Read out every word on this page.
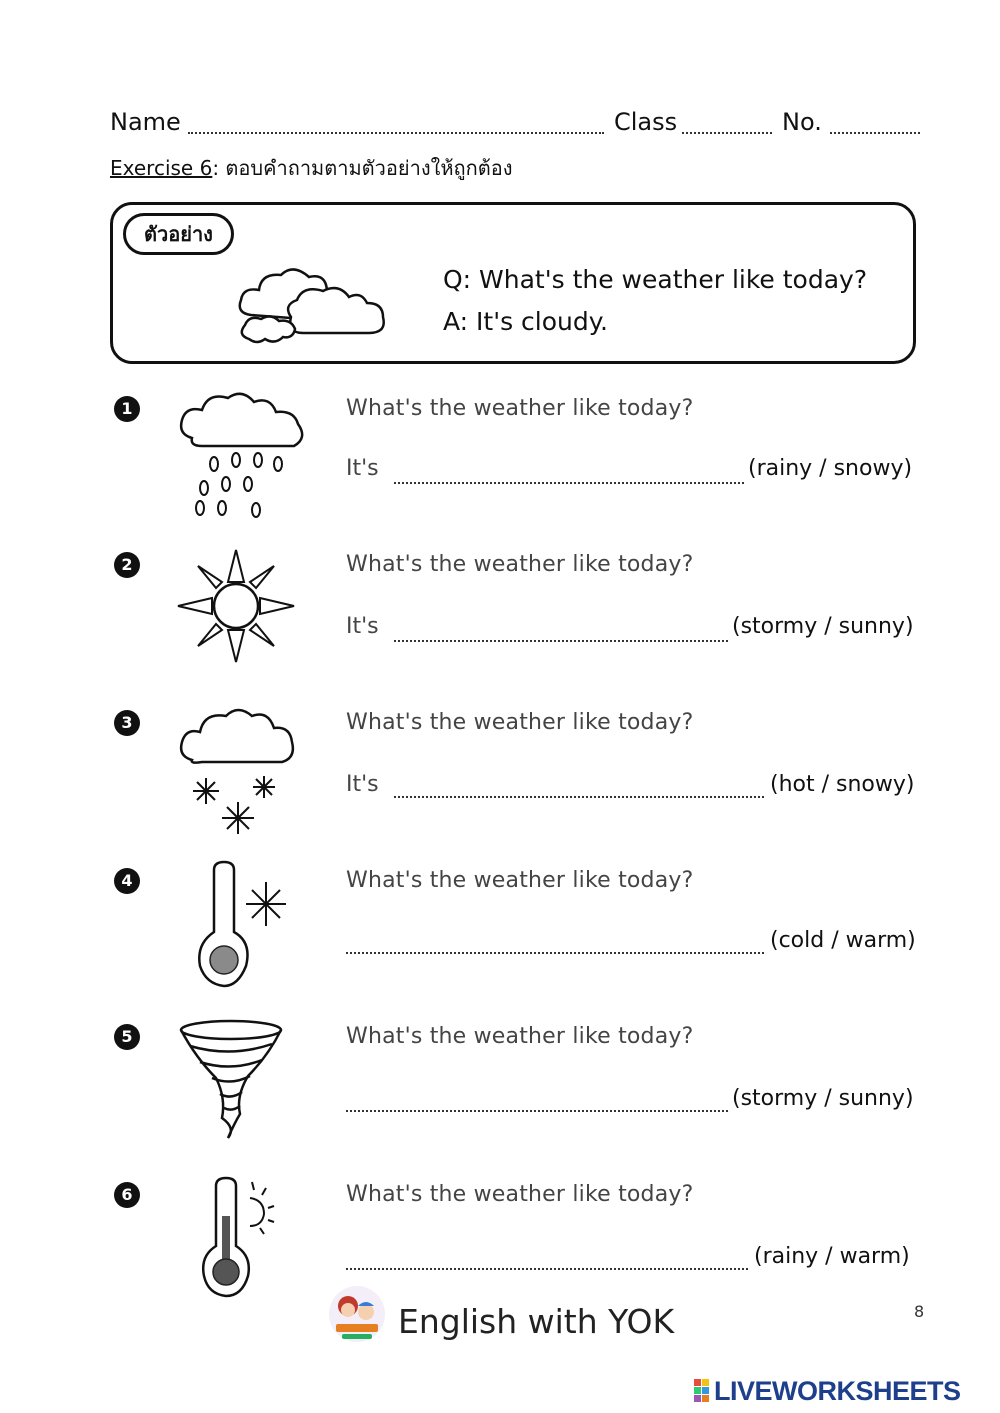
Name	Class	No.
Exercise 6: ตอบคำถามตามตัวอย่างให้ถูกต้อง
ตัวอย่าง
Q: What's the weather like today?
A: It's cloudy.
1	What's the weather like today?
It's	(rainy / snowy)
2	What's the weather like today?
It's	(stormy / sunny)
3	What's the weather like today?
It's	(hot / snowy)
4	What's the weather like today?
(cold / warm)
5	What's the weather like today?
(stormy / sunny)
6	What's the weather like today?
(rainy / warm)
English with YOK	8
LIVEWORKSHEETS
